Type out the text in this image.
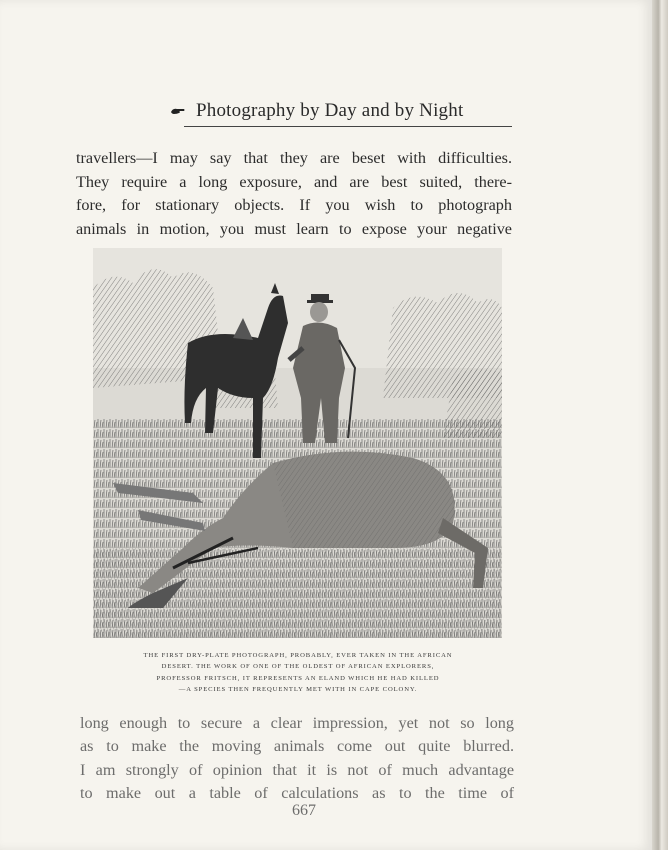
Photography by Day and by Night
travellers—I may say that they are beset with difficulties.
They require a long exposure, and are best suited, there-
fore, for stationary objects. If you wish to photograph
animals in motion, you must learn to expose your negative
THE FIRST DRY-PLATE PHOTOGRAPH, PROBABLY, EVER TAKEN IN THE AFRICAN
DESERT. THE WORK OF ONE OF THE OLDEST OF AFRICAN EXPLORERS,
PROFESSOR FRITSCH, IT REPRESENTS AN ELAND WHICH HE HAD KILLED
—A SPECIES THEN FREQUENTLY MET WITH IN CAPE COLONY.
long enough to secure a clear impression, yet not so long
as to make the moving animals come out quite blurred.
I am strongly of opinion that it is not of much advantage
to make out a table of calculations as to the time of
667
